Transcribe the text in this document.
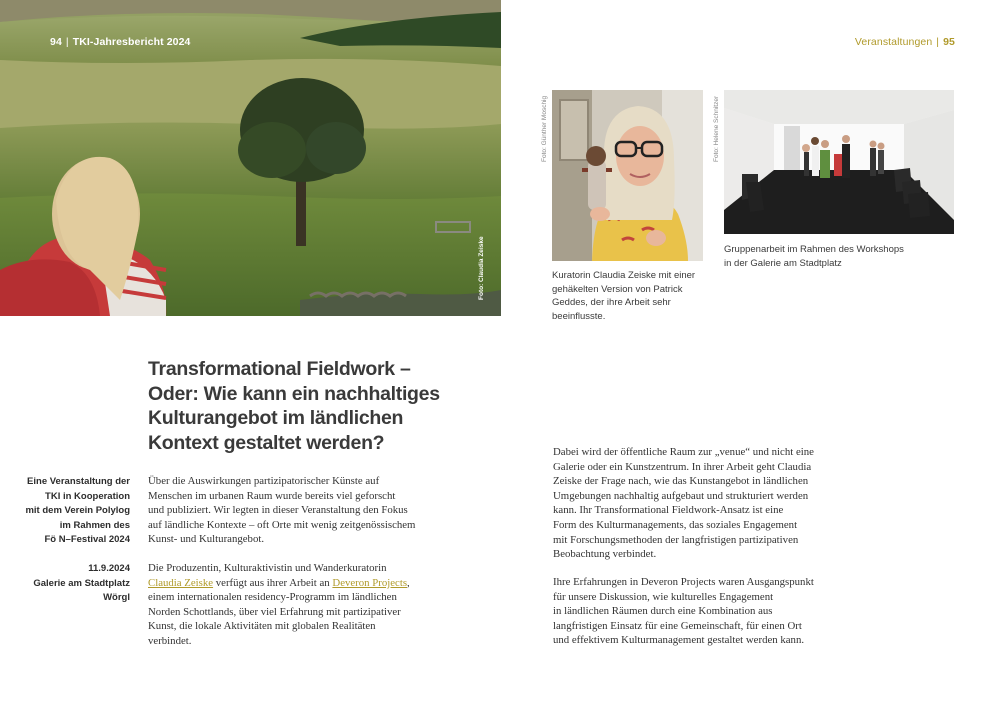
94 | TKI-Jahresbericht 2024
Foto: Claudia Zeiske
Veranstaltungen | 95
Foto: Günther Moschig
Kuratorin Claudia Zeiske mit einer
gehäkelten Version von Patrick
Geddes, der ihre Arbeit sehr
beeinflusste.
Foto: Helene Schnitzer
Gruppenarbeit im Rahmen des Workshops
in der Galerie am Stadtplatz
Transformational Fieldwork –
Oder: Wie kann ein nachhaltiges
Kulturangebot im ländlichen
Kontext gestaltet werden?
Eine Veranstaltung der
TKI in Kooperation
mit dem Verein Polylog
im Rahmen des
Fö N–Festival 2024
11.9.2024
Galerie am Stadtplatz
Wörgl
Über die Auswirkungen partizipatorischer Künste auf
Menschen im urbanen Raum wurde bereits viel geforscht
und publiziert. Wir legten in dieser Veranstaltung den Fokus
auf ländliche Kontexte – oft Orte mit wenig zeitgenössischem
Kunst- und Kulturangebot.
Die Produzentin, Kulturaktivistin und Wanderkuratorin
Claudia Zeiske verfügt aus ihrer Arbeit an Deveron Projects,
einem internationalen residency-Programm im ländlichen
Norden Schottlands, über viel Erfahrung mit partizipativer
Kunst, die lokale Aktivitäten mit globalen Realitäten
verbindet.
Dabei wird der öffentliche Raum zur „venue“ und nicht eine
Galerie oder ein Kunstzentrum. In ihrer Arbeit geht Claudia
Zeiske der Frage nach, wie das Kunstangebot in ländlichen
Umgebungen nachhaltig aufgebaut und strukturiert werden
kann. Ihr Transformational Fieldwork-Ansatz ist eine
Form des Kulturmanagements, das soziales Engagement
mit Forschungsmethoden der langfristigen partizipativen
Beobachtung verbindet.
Ihre Erfahrungen in Deveron Projects waren Ausgangspunkt
für unsere Diskussion, wie kulturelles Engagement
in ländlichen Räumen durch eine Kombination aus
langfristigen Einsatz für eine Gemeinschaft, für einen Ort
und effektivem Kulturmanagement gestaltet werden kann.
